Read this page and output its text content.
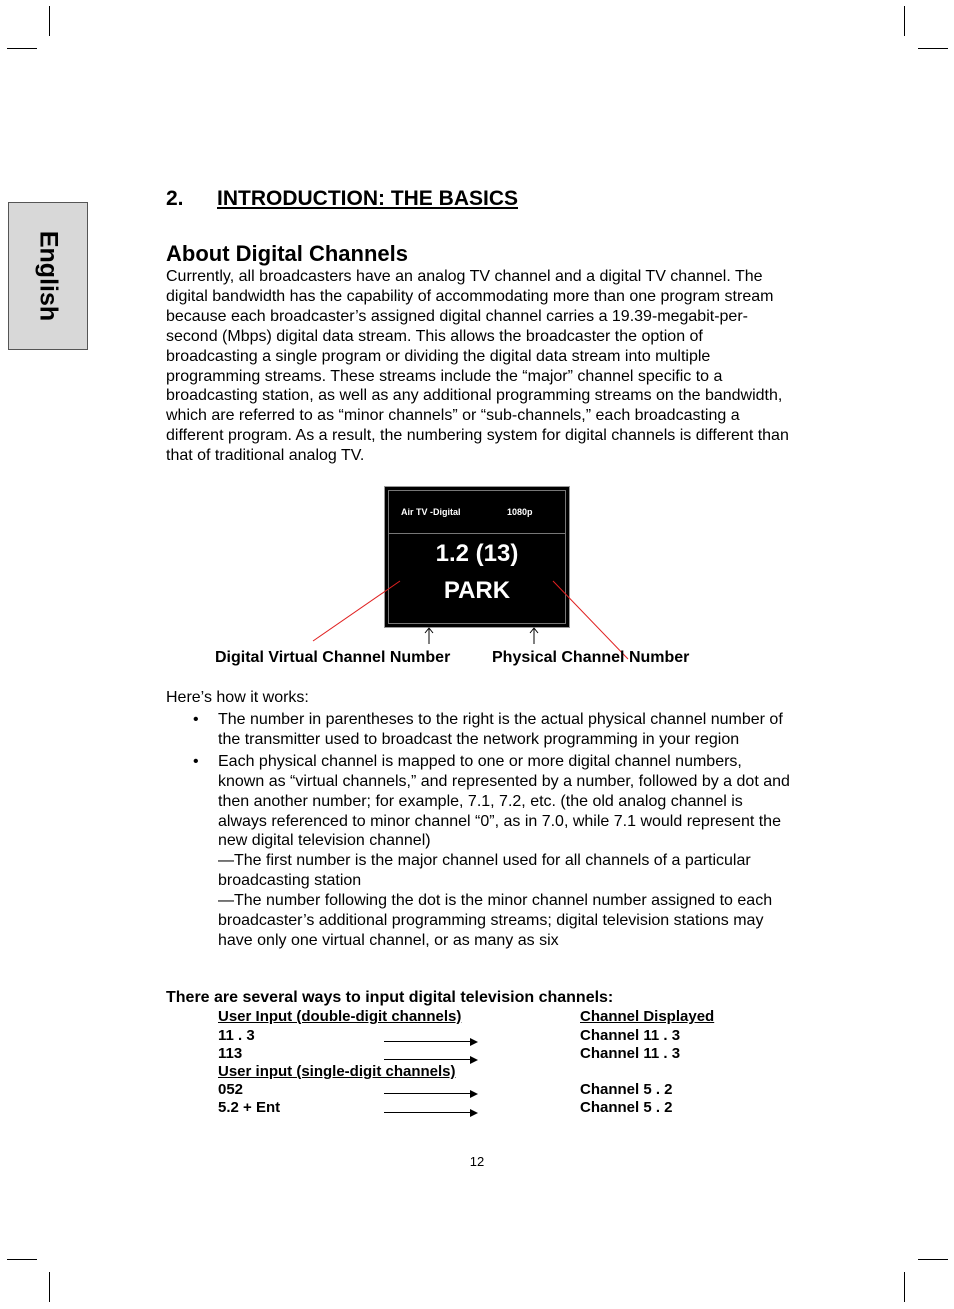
English
2. INTRODUCTION: THE BASICS
About Digital Channels

Currently, all broadcasters have an analog TV channel and a digital TV channel. The digital bandwidth has the capability of accommodating more than one program stream because each broadcaster’s assigned digital channel carries a 19.39-megabit-per-second (Mbps) digital data stream. This allows the broadcaster the option of broadcasting a single program or dividing the digital data stream into multiple programming streams. These streams include the “major” channel specific to a broadcasting station, as well as any additional programming streams on the bandwidth, which are referred to as “minor channels” or “sub-channels,” each broadcasting a different program. As a result, the numbering system for digital channels is different than that of traditional analog TV.

Air TV -Digital	1080p
1.2 (13)
PARK
Digital Virtual Channel Number	Physical Channel Number
Here’s how it works:
• The number in parentheses to the right is the actual physical channel number of the transmitter used to broadcast the network programming in your region
• Each physical channel is mapped to one or more digital channel numbers, known as “virtual channels,” and represented by a number, followed by a dot and then another number; for example, 7.1, 7.2, etc. (the old analog channel is always referenced to minor channel “0”, as in 7.0, while 7.1 would represent the new digital television channel)
—The first number is the major channel used for all channels of a particular broadcasting station
—The number following the dot is the minor channel number assigned to each broadcaster’s additional programming streams; digital television stations may have only one virtual channel, or as many as six
There are several ways to input digital television channels:
User Input (double-digit channels)	Channel Displayed
11 . 3	Channel 11 . 3
113	Channel 11 . 3
User input (single-digit channels)
052	Channel 5 . 2
5.2 + Ent	Channel 5 . 2
12
